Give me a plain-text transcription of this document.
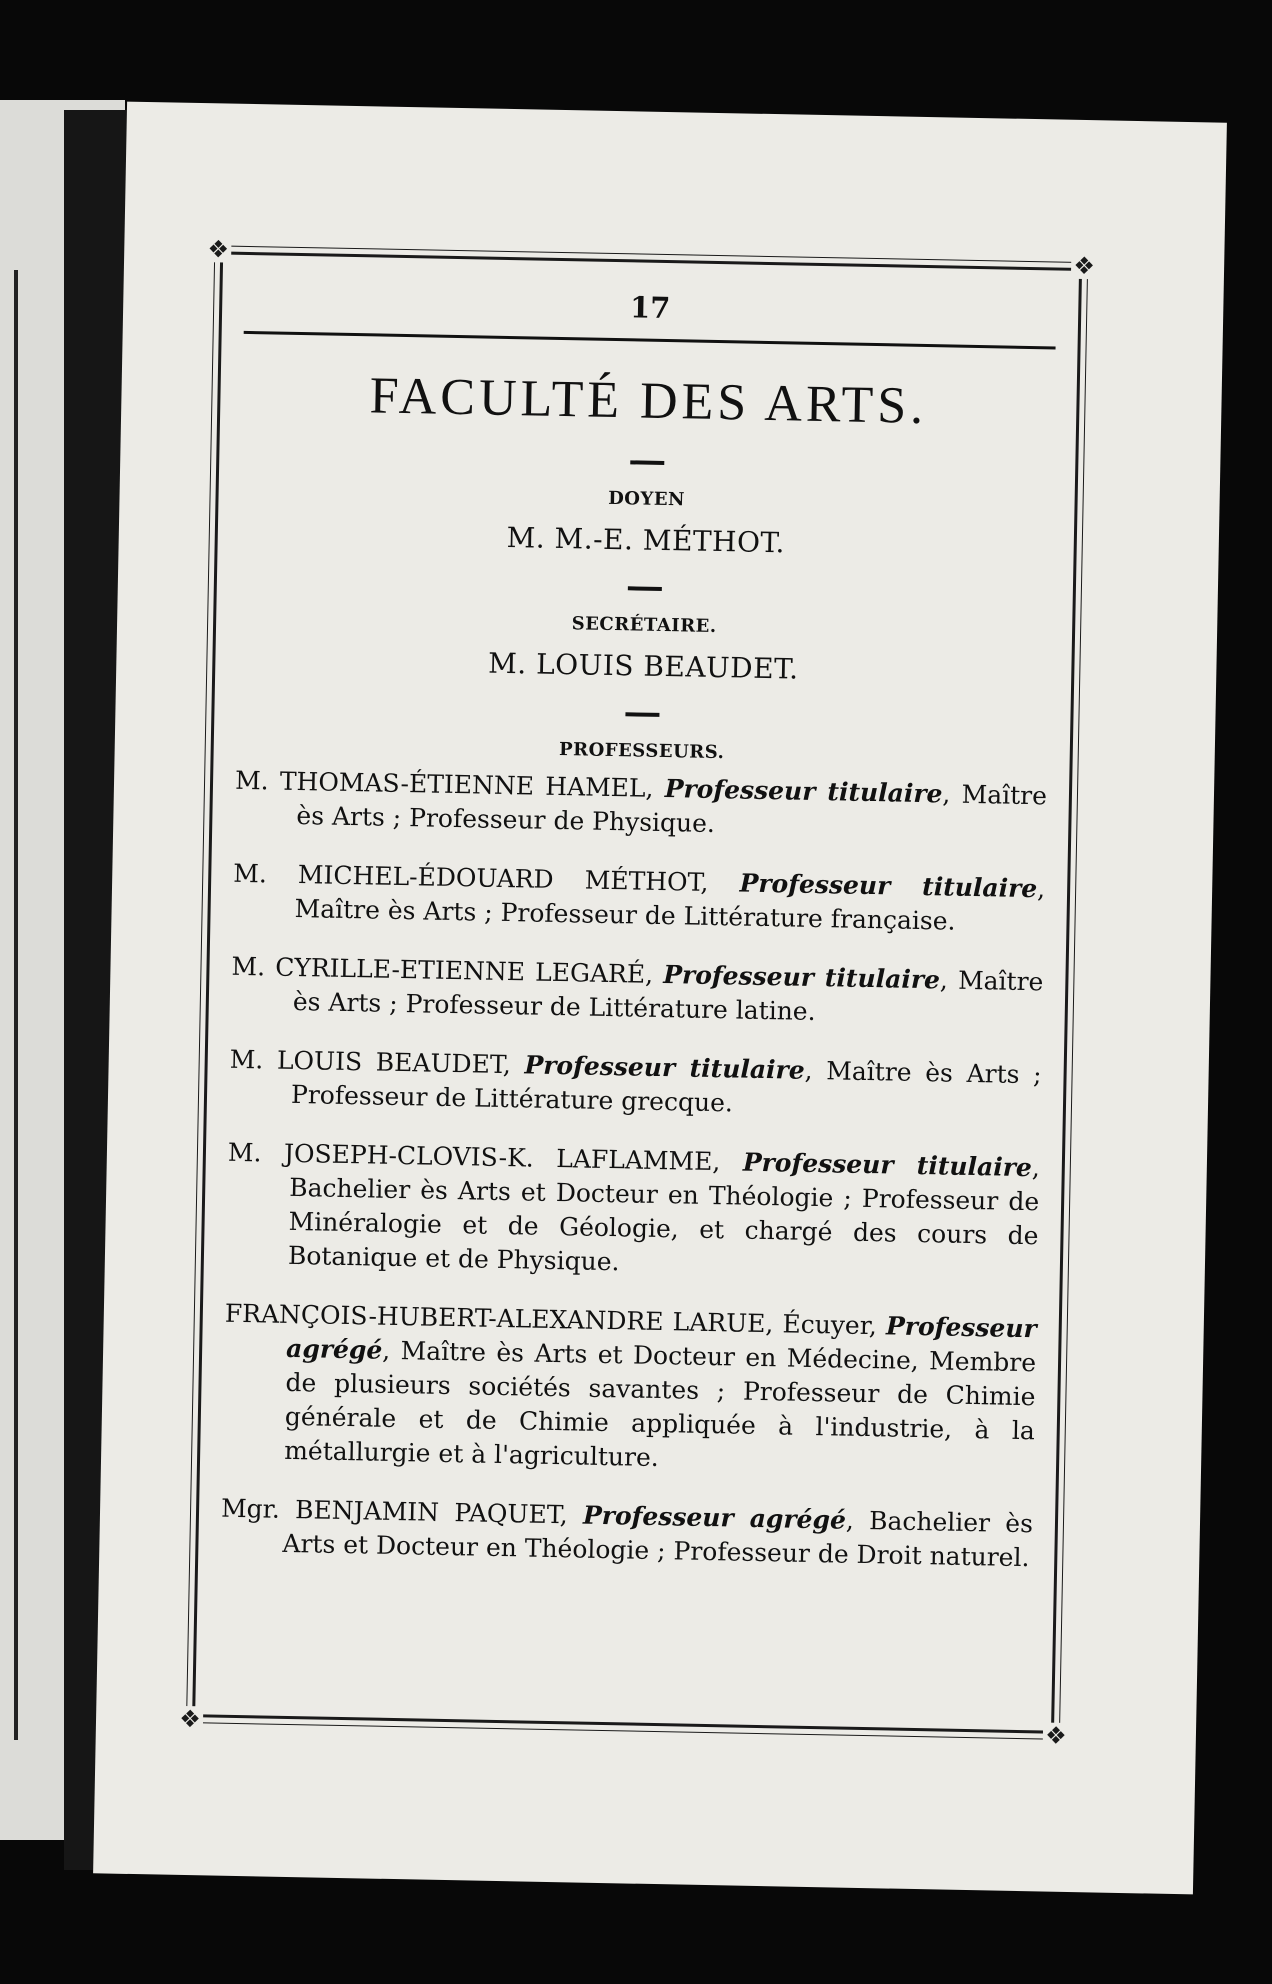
❖
❖
❖
❖
17
FACULTÉ DES ARTS.
DOYEN
M. M.-E. MÉTHOT.
SECRÉTAIRE.
M. LOUIS BEAUDET.
PROFESSEURS.

M. THOMAS-ÉTIENNE HAMEL, Professeur titulaire, Maître ès Arts ; Professeur de Physique.

M. MICHEL-ÉDOUARD MÉTHOT, Professeur titulaire, Maître ès Arts ; Professeur de Littérature française.

M. CYRILLE-ETIENNE LEGARÉ, Professeur titulaire, Maître ès Arts ; Professeur de Littérature latine.

M. LOUIS BEAUDET, Professeur titulaire, Maître ès Arts ; Professeur de Littérature grecque.

M. JOSEPH-CLOVIS-K. LAFLAMME, Professeur titulaire, Bachelier ès Arts et Docteur en Théologie ; Professeur de Minéralogie et de Géologie, et chargé des cours de Botanique et de Physique.

FRANÇOIS-HUBERT-ALEXANDRE LARUE, Écuyer, Professeur agrégé, Maître ès Arts et Docteur en Médecine, Membre de plusieurs sociétés savantes ; Professeur de Chimie générale et de Chimie appliquée à l'industrie, à la métallurgie et à l'agriculture.

Mgr. BENJAMIN PAQUET, Professeur agrégé, Bachelier ès Arts et Docteur en Théologie ; Professeur de Droit naturel.
